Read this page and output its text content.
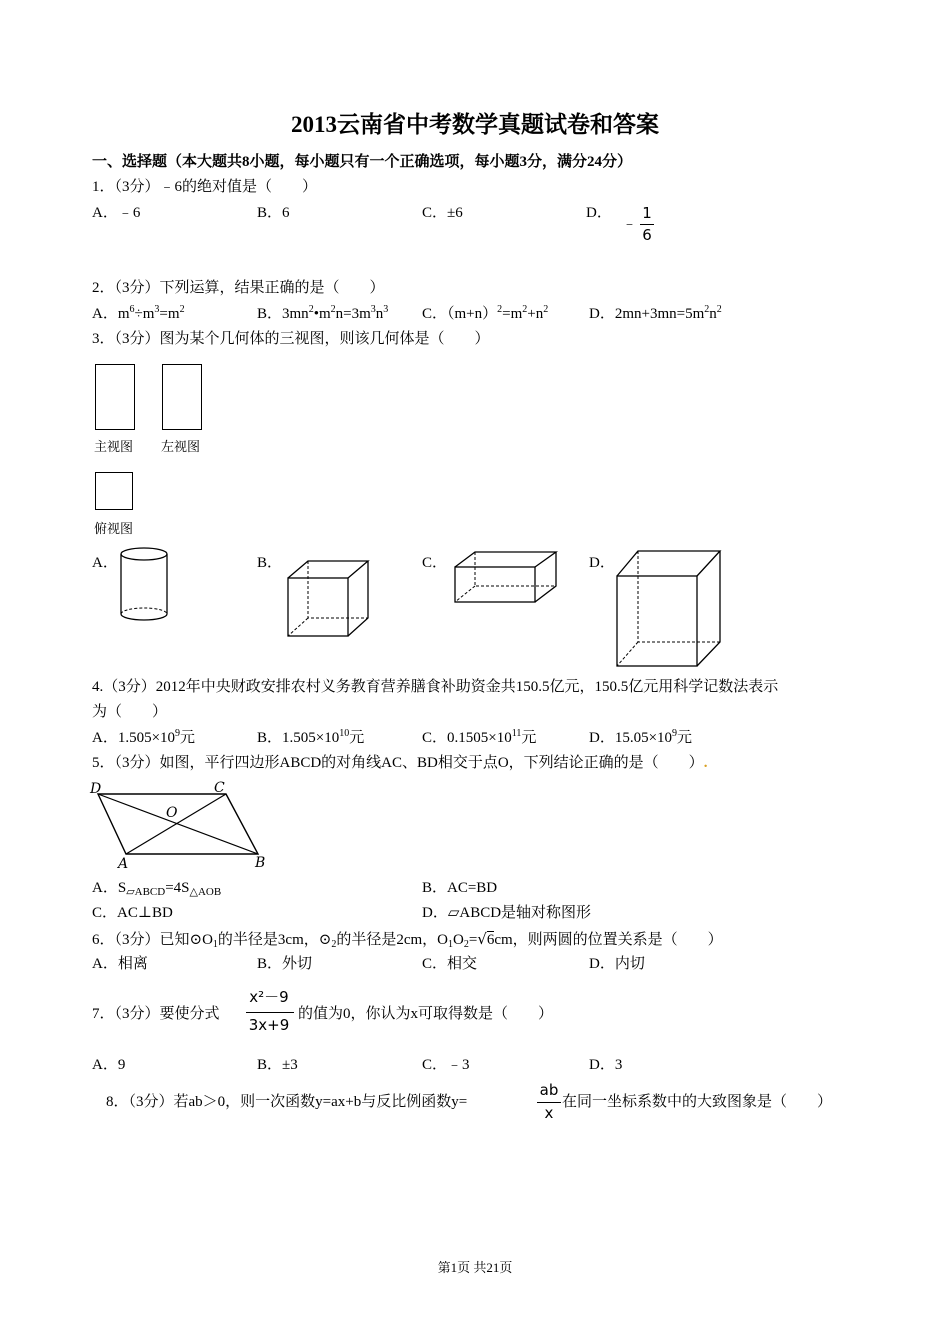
2013云南省中考数学真题试卷和答案
一、选择题（本大题共8小题，每小题只有一个正确选项，每小题3分，满分24分）
1．（3分）﹣6的绝对值是（　　）
A．﹣6	B．6	C．±6	D．
﹣
1
6
2．（3分）下列运算，结果正确的是（　　）
A．$m^6\div m^3=m^2$	B．$3mn^2•m^2n=3m^3n^3$ C．$(m+n)^2=m^2+n^2$	D．$2mn+3mn=5m^2n^2$
3．（3分）图为某个几何体的三视图，则该几何体是（　　）
主视图 左视图
俯视图
A．	B．	C．	D．
4.（3分）2012年中央财政安排农村义务教育营养膳食补助资金共150.5亿元，150.5亿元用科学记数法表示
为（　　）
A．$1.505\times 10^9$元	B．$1.505\times 10^{10}$元	C．$0.1505\times 10^{11}$元	D．$15.05\times 10^9$元
5．（3分）如图，平行四边形ABCD的对角线AC、BD相交于点O，下列结论正确的是（　　）.
D	C
O
A	B
A．$S_{▱ABCD}=4S_{\triangle AOB}$	B．AC=BD
C．AC⊥BD	D．▱ABCD是轴对称图形
6．（3分）已知$⊙O_1$的半径是3cm，$⊙_2$的半径是2cm，$O_1O_2=√6cm$，则两圆的位置关系是（　　）
A．相离	B．外切	C．相交	D．内切
7．（3分）要使分式
x²－9
3x+9
的值为0，你认为x可取得数是（　　）
A．9	B．±3	C．﹣3	D．3
8．（3分）若ab＞0，则一次函数y=ax+b与反比例函数y=
ab
x
在同一坐标系数中的大致图象是（　　）
第1页 共21页
